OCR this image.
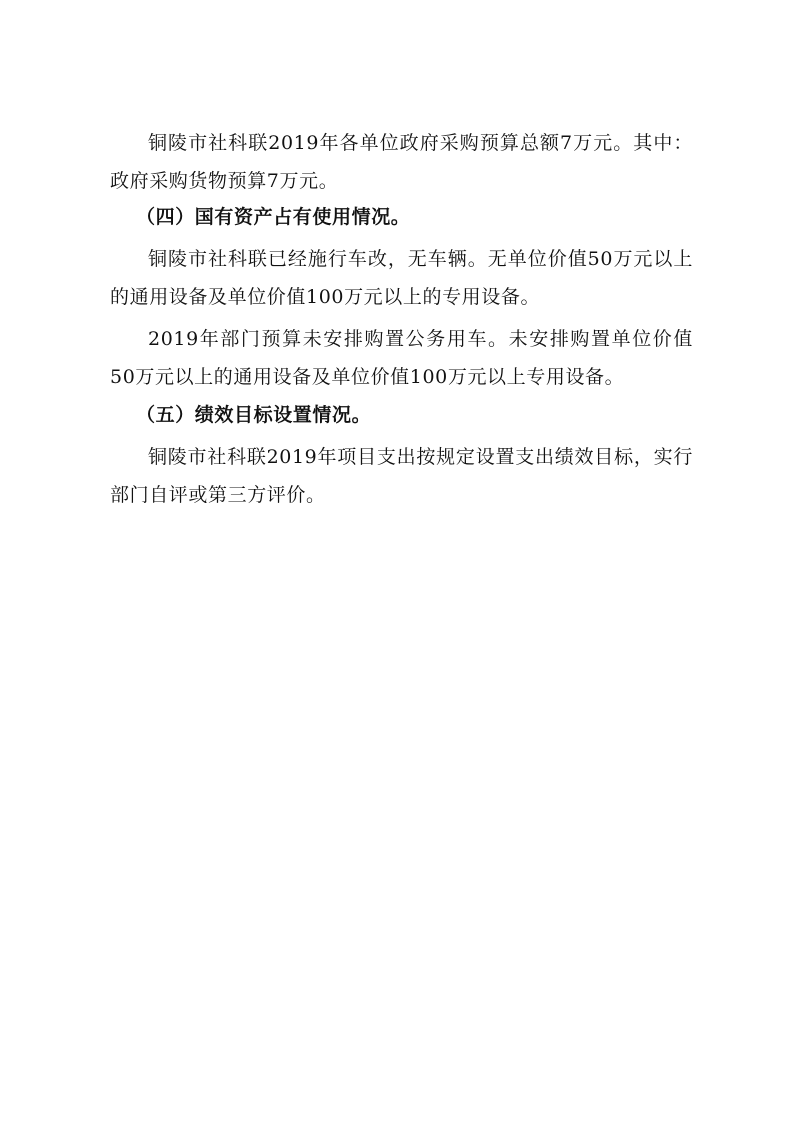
铜陵市社科联2019年各单位政府采购预算总额7万元。其中：政府采购货物预算7万元。

（四）国有资产占有使用情况。

铜陵市社科联已经施行车改，无车辆。无单位价值50万元以上的通用设备及单位价值100万元以上的专用设备。

2019年部门预算未安排购置公务用车。未安排购置单位价值50万元以上的通用设备及单位价值100万元以上专用设备。

（五）绩效目标设置情况。

铜陵市社科联2019年项目支出按规定设置支出绩效目标，实行部门自评或第三方评价。
